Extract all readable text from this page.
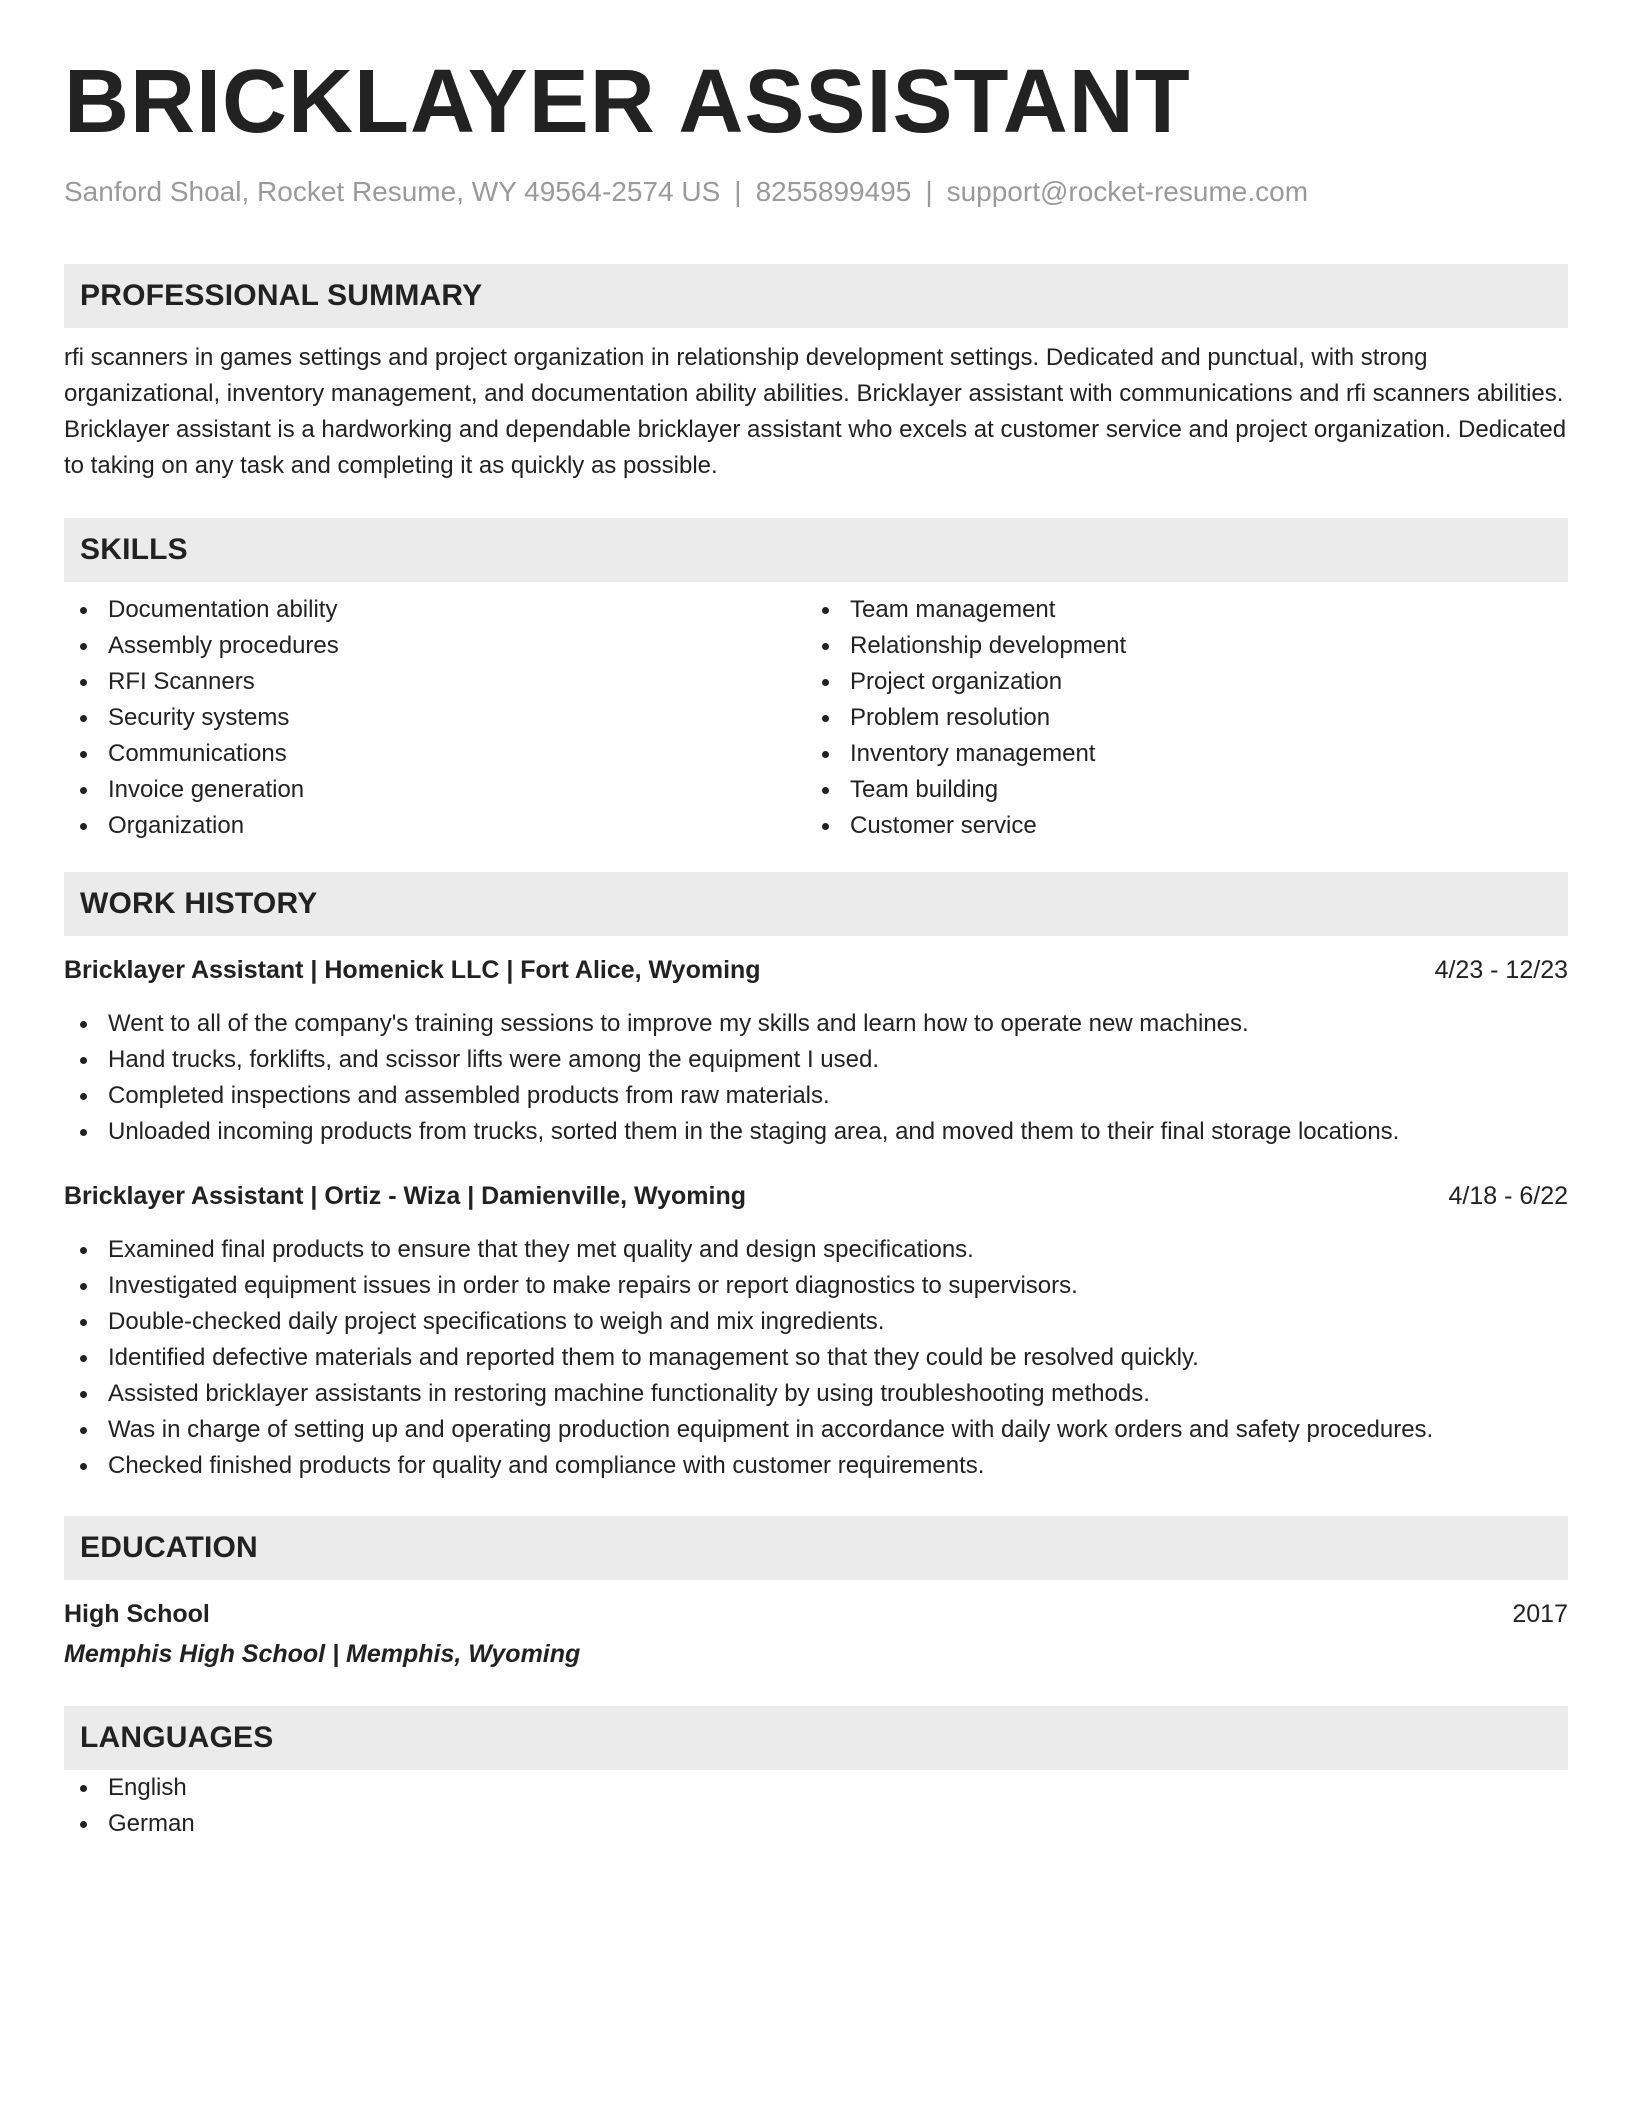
BRICKLAYER ASSISTANT
Sanford Shoal, Rocket Resume, WY 49564-2574 US | 8255899495 | support@rocket-resume.com
PROFESSIONAL SUMMARY
rfi scanners in games settings and project organization in relationship development settings. Dedicated and punctual, with strong organizational, inventory management, and documentation ability abilities. Bricklayer assistant with communications and rfi scanners abilities. Bricklayer assistant is a hardworking and dependable bricklayer assistant who excels at customer service and project organization. Dedicated to taking on any task and completing it as quickly as possible.
SKILLS
Documentation ability
Assembly procedures
RFI Scanners
Security systems
Communications
Invoice generation
Organization
Team management
Relationship development
Project organization
Problem resolution
Inventory management
Team building
Customer service
WORK HISTORY
Bricklayer Assistant | Homenick LLC | Fort Alice, Wyoming	4/23 - 12/23
Went to all of the company's training sessions to improve my skills and learn how to operate new machines.
Hand trucks, forklifts, and scissor lifts were among the equipment I used.
Completed inspections and assembled products from raw materials.
Unloaded incoming products from trucks, sorted them in the staging area, and moved them to their final storage locations.
Bricklayer Assistant | Ortiz - Wiza | Damienville, Wyoming	4/18 - 6/22
Examined final products to ensure that they met quality and design specifications.
Investigated equipment issues in order to make repairs or report diagnostics to supervisors.
Double-checked daily project specifications to weigh and mix ingredients.
Identified defective materials and reported them to management so that they could be resolved quickly.
Assisted bricklayer assistants in restoring machine functionality by using troubleshooting methods.
Was in charge of setting up and operating production equipment in accordance with daily work orders and safety procedures.
Checked finished products for quality and compliance with customer requirements.
EDUCATION
High School	2017
Memphis High School | Memphis, Wyoming
LANGUAGES
English
German
